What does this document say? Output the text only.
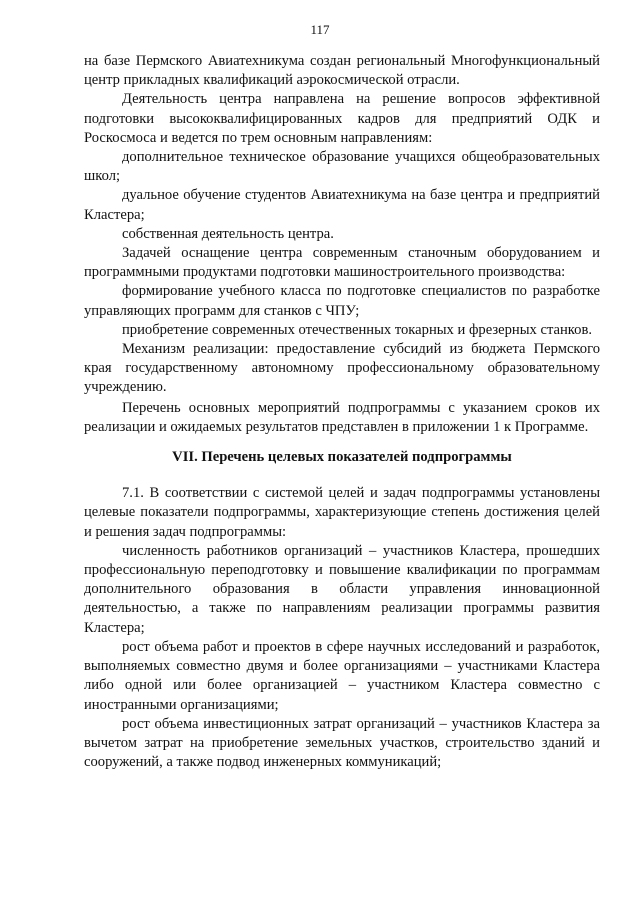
117

на базе Пермского Авиатехникума создан региональный Многофункциональный центр прикладных квалификаций аэрокосмической отрасли.

Деятельность центра направлена на решение вопросов эффективной подготовки высококвалифицированных кадров для предприятий ОДК и Роскосмоса и ведется по трем основным направлениям:

дополнительное техническое образование учащихся общеобразовательных школ;

дуальное обучение студентов Авиатехникума на базе центра и предприятий Кластера;

собственная деятельность центра.

Задачей оснащение центра современным станочным оборудованием и программными продуктами подготовки машиностроительного производства:

формирование учебного класса по подготовке специалистов по разработке управляющих программ для станков с ЧПУ;

приобретение современных отечественных токарных и фрезерных станков.

Механизм реализации: предоставление субсидий из бюджета Пермского края государственному автономному профессиональному образовательному учреждению.

Перечень основных мероприятий подпрограммы с указанием сроков их реализации и ожидаемых результатов представлен в приложении 1 к Программе.

VII. Перечень целевых показателей подпрограммы

7.1. В соответствии с системой целей и задач подпрограммы установлены целевые показатели подпрограммы, характеризующие степень достижения целей и решения задач подпрограммы:

численность работников организаций – участников Кластера, прошедших профессиональную переподготовку и повышение квалификации по программам дополнительного образования в области управления инновационной деятельностью, а также по направлениям реализации программы развития Кластера;

рост объема работ и проектов в сфере научных исследований и разработок, выполняемых совместно двумя и более организациями – участниками Кластера либо одной или более организацией – участником Кластера совместно с иностранными организациями;

рост объема инвестиционных затрат организаций – участников Кластера за вычетом затрат на приобретение земельных участков, строительство зданий и сооружений, а также подвод инженерных коммуникаций;
